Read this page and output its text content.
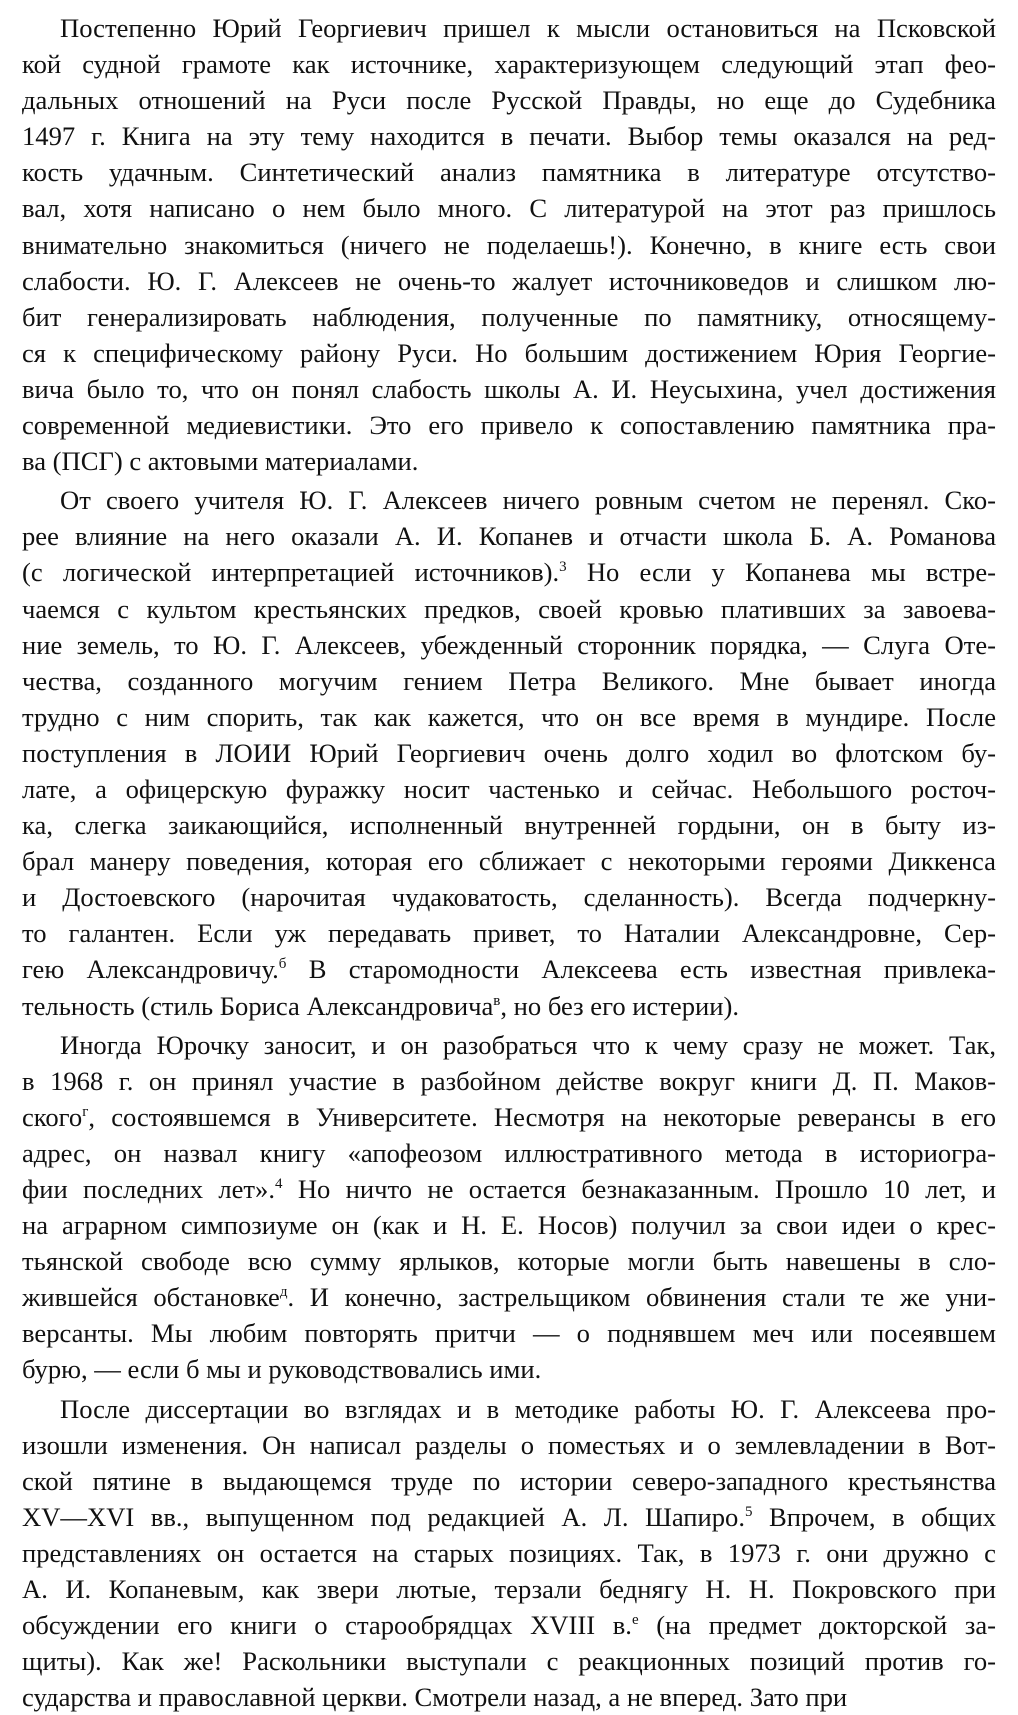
Постепенно Юрий Георгиевич пришел к мысли остановиться на Псковской
кой судной грамоте как источнике, характеризующем следующий этап фео-
дальных отношений на Руси после Русской Правды, но еще до Судебника
1497 г. Книга на эту тему находится в печати. Выбор темы оказался на ред-
кость удачным. Синтетический анализ памятника в литературе отсутство-
вал, хотя написано о нем было много. С литературой на этот раз пришлось
внимательно знакомиться (ничего не поделаешь!). Конечно, в книге есть свои
слабости. Ю. Г. Алексеев не очень-то жалует источниковедов и слишком лю-
бит генерализировать наблюдения, полученные по памятнику, относящему-
ся к специфическому району Руси. Но большим достижением Юрия Георгие-
вича было то, что он понял слабость школы А. И. Неусыхина, учел достижения
современной медиевистики. Это его привело к сопоставлению памятника пра-
ва (ПСГ) с актовыми материалами.
От своего учителя Ю. Г. Алексеев ничего ровным счетом не перенял. Ско-
рее влияние на него оказали А. И. Копанев и отчасти школа Б. А. Романова
(с логической интерпретацией источников).$^3$ Но если у Копанева мы встре-
чаемся с культом крестьянских предков, своей кровью плативших за завоева-
ние земель, то Ю. Г. Алексеев, убежденный сторонник порядка, — Слуга Оте-
чества, созданного могучим гением Петра Великого. Мне бывает иногда
трудно с ним спорить, так как кажется, что он все время в мундире. После
поступления в ЛОИИ Юрий Георгиевич очень долго ходил во флотском бу-
лате, а офицерскую фуражку носит частенько и сейчас. Небольшого росточ-
ка, слегка заикающийся, исполненный внутренней гордыни, он в быту из-
брал манеру поведения, которая его сближает с некоторыми героями Диккенса
и Достоевского (нарочитая чудаковатость, сделанность). Всегда подчеркну-
то галантен. Если уж передавать привет, то Наталии Александровне, Сер-
гею Александровичу.$^б$ В старомодности Алексеева есть известная привлека-
тельность (стиль Бориса Александровича$^в$, но без его истерии).
Иногда Юрочку заносит, и он разобраться что к чему сразу не может. Так,
в 1968 г. он принял участие в разбойном действе вокруг книги Д. П. Маков-
ского$^г$, состоявшемся в Университете. Несмотря на некоторые реверансы в его
адрес, он назвал книгу «апофеозом иллюстративного метода в историогра-
фии последних лет».$^4$ Но ничто не остается безнаказанным. Прошло 10 лет, и
на аграрном симпозиуме он (как и Н. Е. Носов) получил за свои идеи о крес-
тьянской свободе всю сумму ярлыков, которые могли быть навешены в сло-
жившейся обстановке$^д$. И конечно, застрельщиком обвинения стали те же уни-
версанты. Мы любим повторять притчи — о поднявшем меч или посеявшем
бурю, — если б мы и руководствовались ими.
После диссертации во взглядах и в методике работы Ю. Г. Алексеева про-
изошли изменения. Он написал разделы о поместьях и о землевладении в Вот-
ской пятине в выдающемся труде по истории северо-западного крестьянства
XV—XVI вв., выпущенном под редакцией А. Л. Шапиро.$^5$ Впрочем, в общих
представлениях он остается на старых позициях. Так, в 1973 г. они дружно с
А. И. Копаневым, как звери лютые, терзали беднягу Н. Н. Покровского при
обсуждении его книги о старообрядцах XVIII в.$^е$ (на предмет докторской за-
щиты). Как же! Раскольники выступали с реакционных позиций против го-
сударства и православной церкви. Смотрели назад, а не вперед. Зато при
